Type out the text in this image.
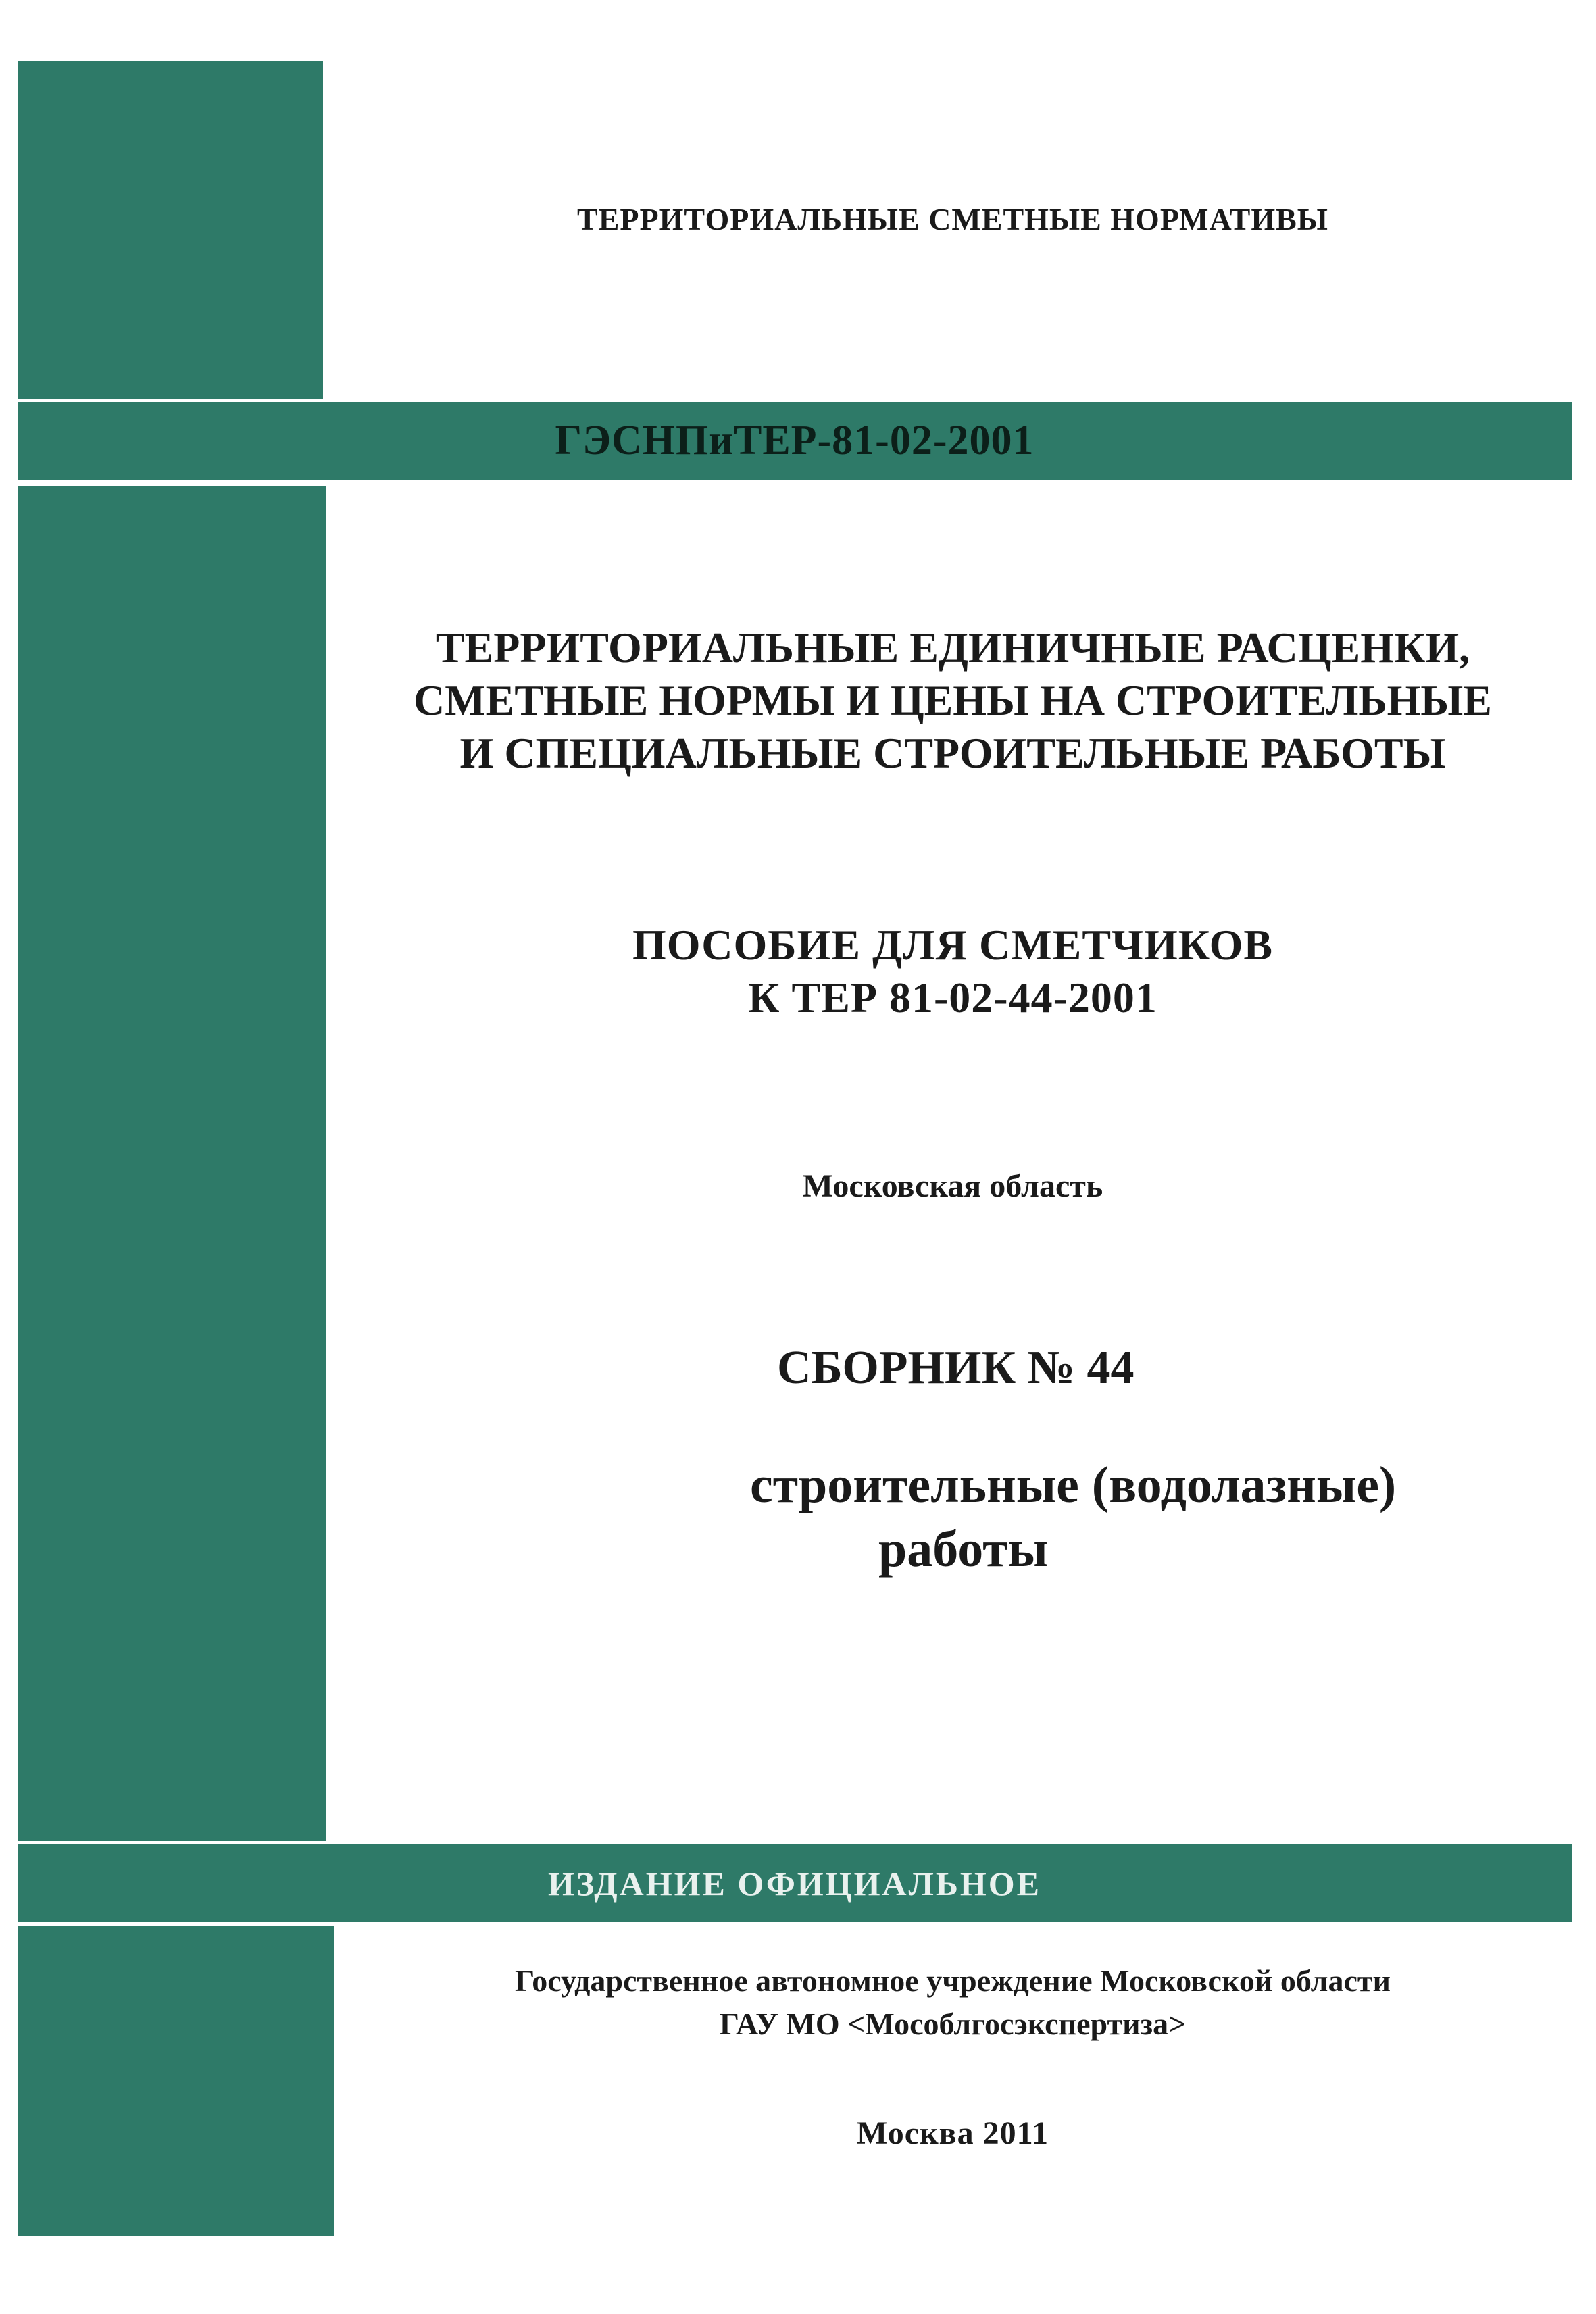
ТЕРРИТОРИАЛЬНЫЕ СМЕТНЫЕ НОРМАТИВЫ
ГЭСНПиТЕР-81-02-2001
ТЕРРИТОРИАЛЬНЫЕ ЕДИНИЧНЫЕ РАСЦЕНКИ,
СМЕТНЫЕ НОРМЫ И ЦЕНЫ НА СТРОИТЕЛЬНЫЕ
И СПЕЦИАЛЬНЫЕ СТРОИТЕЛЬНЫЕ РАБОТЫ
ПОСОБИЕ ДЛЯ СМЕТЧИКОВ
К ТЕР 81-02-44-2001
Московская область
СБОРНИК № 44
строительные (водолазные)
работы
ИЗДАНИЕ ОФИЦИАЛЬНОЕ
Государственное автономное учреждение Московской области
ГАУ МО <Мособлгосэкспертиза>
Москва 2011
